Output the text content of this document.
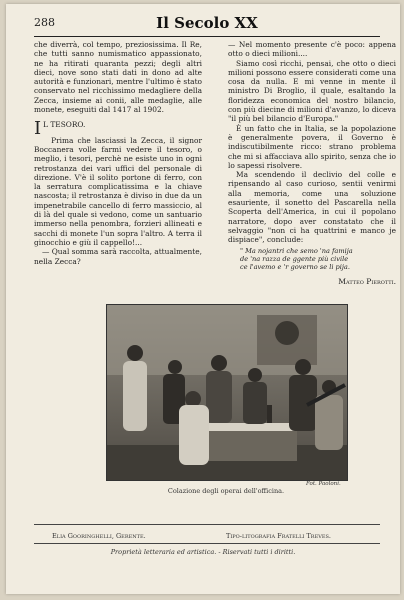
288	Il Secolo XX

che diverrà, col tempo, preziosissima. Il Re, che tutti sanno numismatico appassionato, ne ha ritirati quaranta pezzi; degli altri dieci, nove sono stati dati in dono ad alte autorità e funzionari, mentre l'ultimo è stato conservato nel ricchissimo medagliere della Zecca, insieme ai conii, alle medaglie, alle monete, eseguiti dal 1417 al 1902.

I L TESORO.

Prima che lasciassi la Zecca, il signor Boccanera volle farmi vedere il tesoro, o meglio, i tesori, perchè ne esiste uno in ogni retrostanza dei vari uffici del personale di direzione. V'è il solito portone di ferro, con la serratura complicatissima e la chiave nascosta; il retrostanza è diviso in due da un impenetrabile cancello di ferro massiccio, al di là del quale si vedono, come un santuario immerso nella penombra, forzieri allineati e sacchi di monete l'un sopra l'altro. A terra il ginocchio e giù il cappello!...

— Qual somma sarà raccolta, attualmente, nella Zecca?

— Nel momento presente c'è poco: appena otto o dieci milioni....

Siamo così ricchi, pensai, che otto o dieci milioni possono essere considerati come una cosa da nulla. E mi venne in mente il ministro Di Broglio, il quale, esaltando la floridezza economica del nostro bilancio, con più diecine di milioni d'avanzo, lo diceva "il più bel bilancio d'Europa."

È un fatto che in Italia, se la popolazione è generalmente povera, il Governo è indiscutibilmente ricco: strano problema che mi si affacciava allo spirito, senza che io lo sapessi risolvere.

Ma scendendo il declivio del colle e ripensando al caso curioso, sentii venirmi alla memoria, come una soluzione esauriente, il sonetto del Pascarella nella Scoperta dell'America, in cui il popolano narratore, dopo aver constatato che il selvaggio "non ci ha quattrini e manco je dispiace", conclude:

" Ma nojantri che semo 'na famija
de 'na razza de ggente più civile
ce l'avemo e 'r governo se li pija.
Matteo Pierotti.
Fot. Paoloni.
Colazione degli operai dell'officina.
Elia Gooringhelli, Gerente.	Tipo-litografia Fratelli Treves.
Proprietà letteraria ed artistica. - Riservati tutti i diritti.
